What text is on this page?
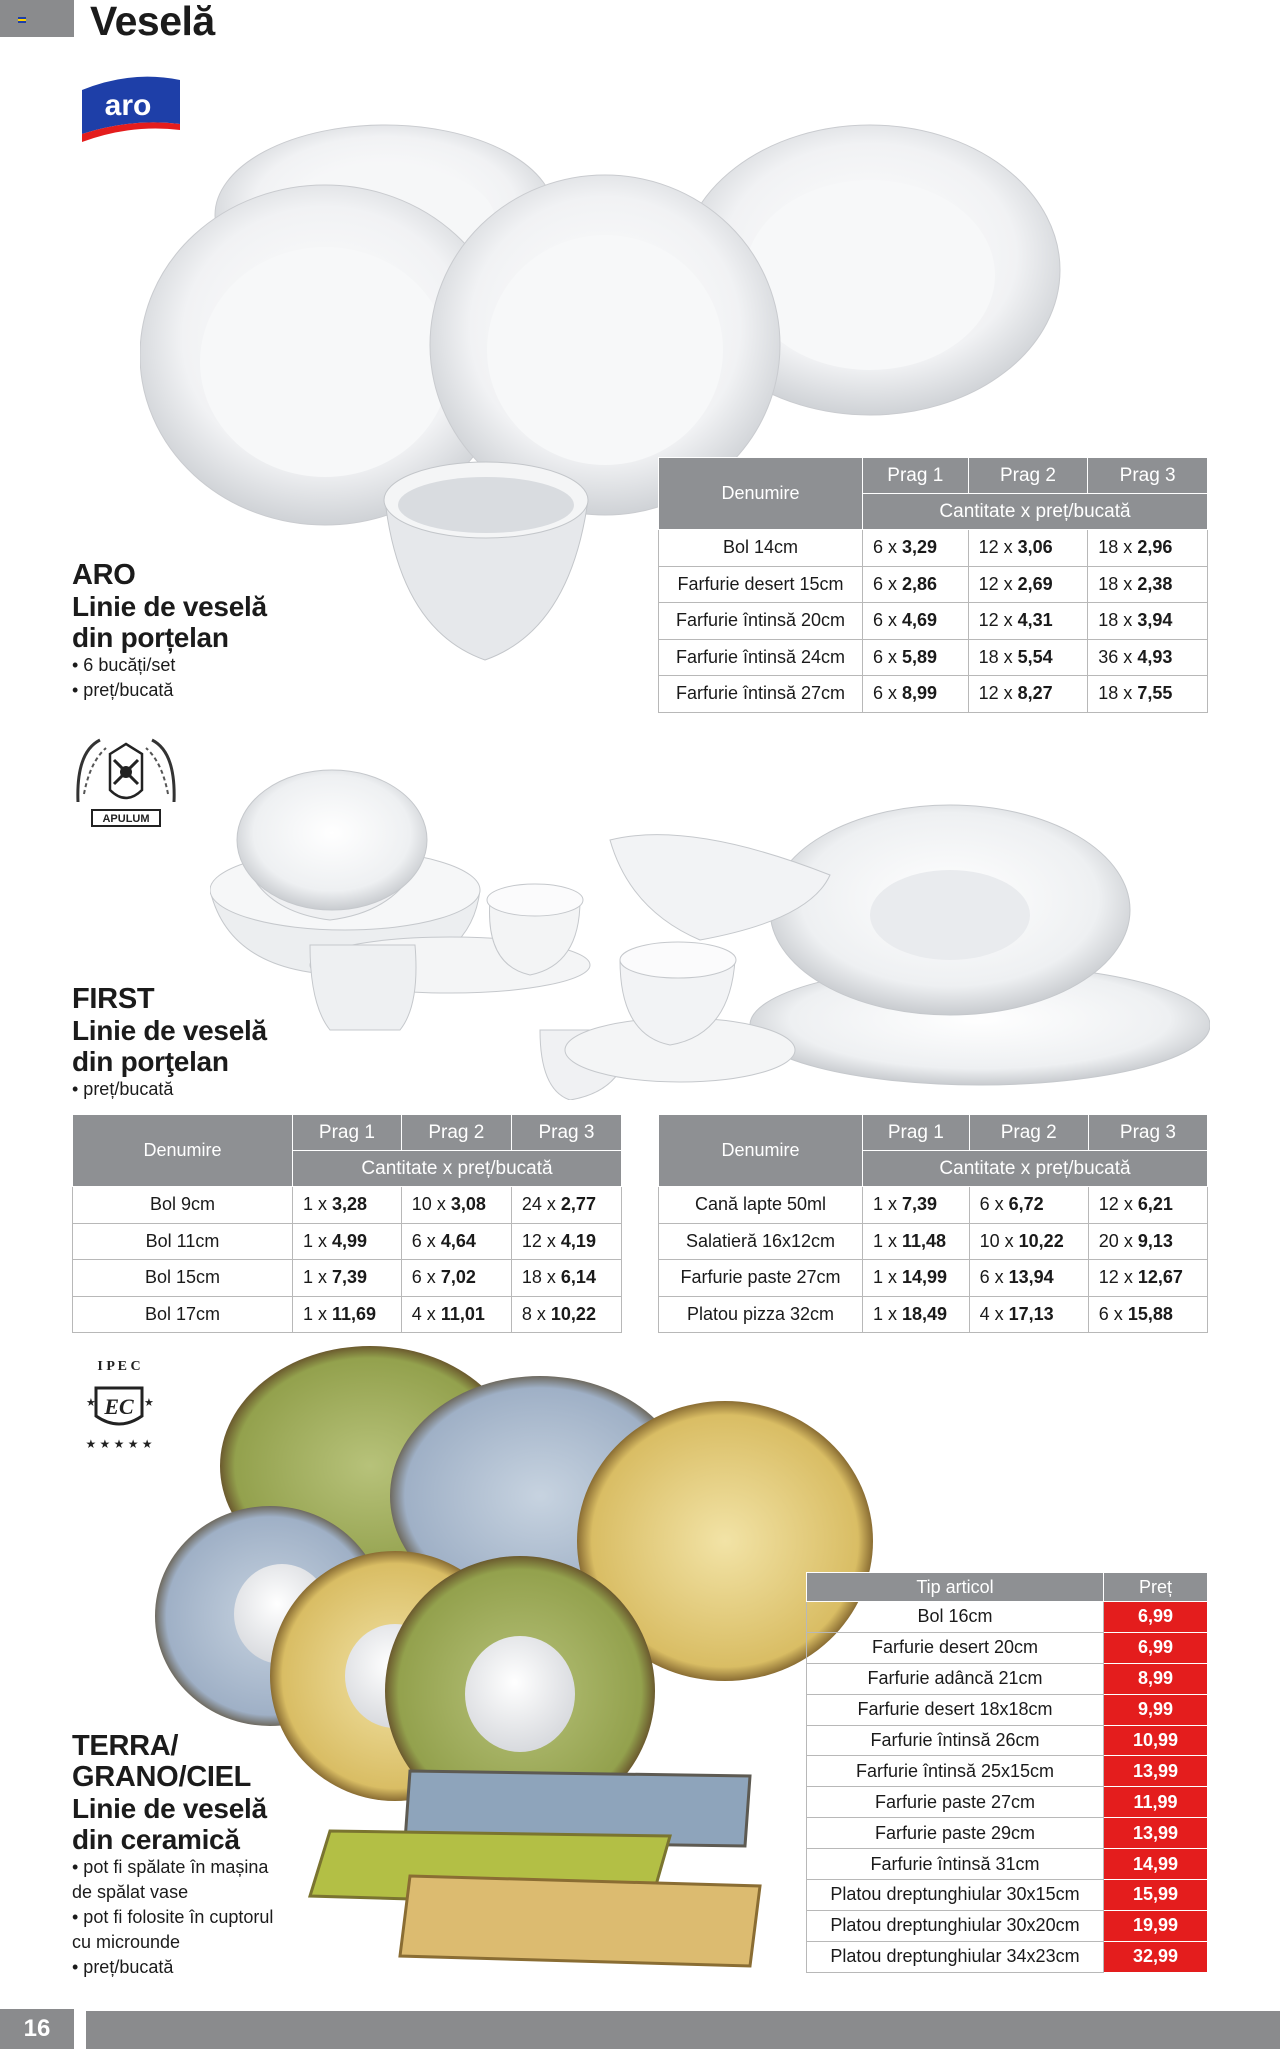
Veselă
aro
Denumire	Prag 1	Prag 2	Prag 3
	Cantitate x preț/bucată		
Bol 14cm	6 x 3,29	12 x 3,06	18 x 2,96
Farfurie desert 15cm	6 x 2,86	12 x 2,69	18 x 2,38
Farfurie întinsă 20cm	6 x 4,69	12 x 4,31	18 x 3,94
Farfurie întinsă 24cm	6 x 5,89	18 x 5,54	36 x 4,93
Farfurie întinsă 27cm	6 x 8,99	12 x 8,27	18 x 7,55
ARO
Linie de veselă
din porțelan
• 6 bucăți/set
• preț/bucată
APULUM
FIRST
Linie de veselă
din porţelan
• preț/bucată
Denumire	Prag 1	Prag 2	Prag 3
	Cantitate x preț/bucată		
Bol 9cm	1 x 3,28	10 x 3,08	24 x 2,77
Bol 11cm	1 x 4,99	6 x 4,64	12 x 4,19
Bol 15cm	1 x 7,39	6 x 7,02	18 x 6,14
Bol 17cm	1 x 11,69	4 x 11,01	8 x 10,22
Denumire	Prag 1	Prag 2	Prag 3
	Cantitate x preț/bucată		
Cană lapte 50ml	1 x 7,39	6 x 6,72	12 x 6,21
Salatieră 16x12cm	1 x 11,48	10 x 10,22	20 x 9,13
Farfurie paste 27cm	1 x 14,99	6 x 13,94	12 x 12,67
Platou pizza 32cm	1 x 18,49	4 x 17,13	6 x 15,88
I P E C
EC
★ ★ ★ ★ ★
★	★
TERRA/
GRANO/CIEL
Linie de veselă
din ceramică
• pot fi spălate în mașina
de spălat vase
• pot fi folosite în cuptorul
cu microunde
• preț/bucată
Tip articol	Preț
Bol 16cm	6,99
Farfurie desert 20cm	6,99
Farfurie adâncă 21cm	8,99
Farfurie desert 18x18cm	9,99
Farfurie întinsă 26cm	10,99
Farfurie întinsă 25x15cm	13,99
Farfurie paste 27cm	11,99
Farfurie paste 29cm	13,99
Farfurie întinsă 31cm	14,99
Platou dreptunghiular 30x15cm	15,99
Platou dreptunghiular 30x20cm	19,99
Platou dreptunghiular 34x23cm	32,99
16
